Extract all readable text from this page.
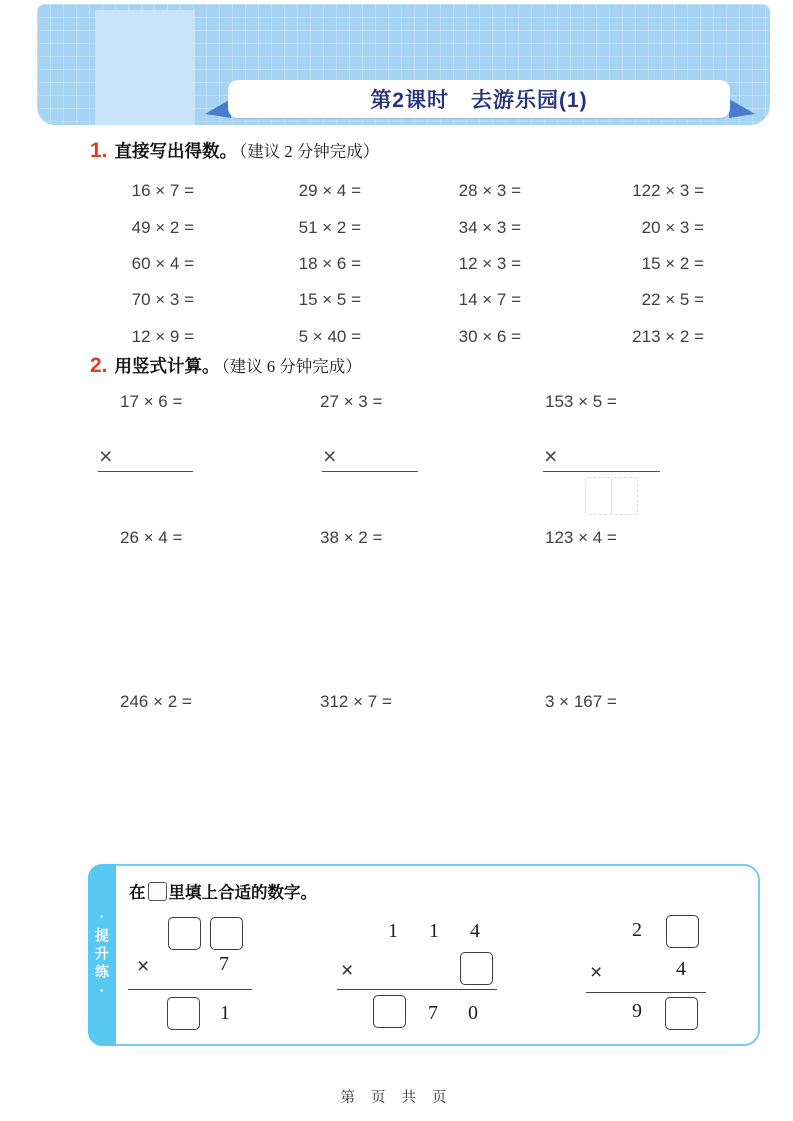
第2课时　去游乐园(1)
1. 直接写出得数。 （建议 2 分钟完成）
16 × 7 =	29 × 4 =	28 × 3 =	122 × 3 =
49 × 2 =	51 × 2 =	34 × 3 =	20 × 3 =
60 × 4 =	18 × 6 =	12 × 3 =	15 × 2 =
70 × 3 =	15 × 5 =	14 × 7 =	22 × 5 =
12 × 9 =	5 × 40 =	30 × 6 =	213 × 2 =
2. 用竖式计算。 （建议 6 分钟完成）
17 × 6 =	27 × 3 =	153 × 5 =
×	×	×
26 × 4 =	38 × 2 =	123 × 4 =
246 × 2 =	312 × 7 =	3 × 167 =
·提升练·
在 里填上合适的数字。
×	7
1
1 1 4
×
7 0
2
×	4
9
第 页 共 页
